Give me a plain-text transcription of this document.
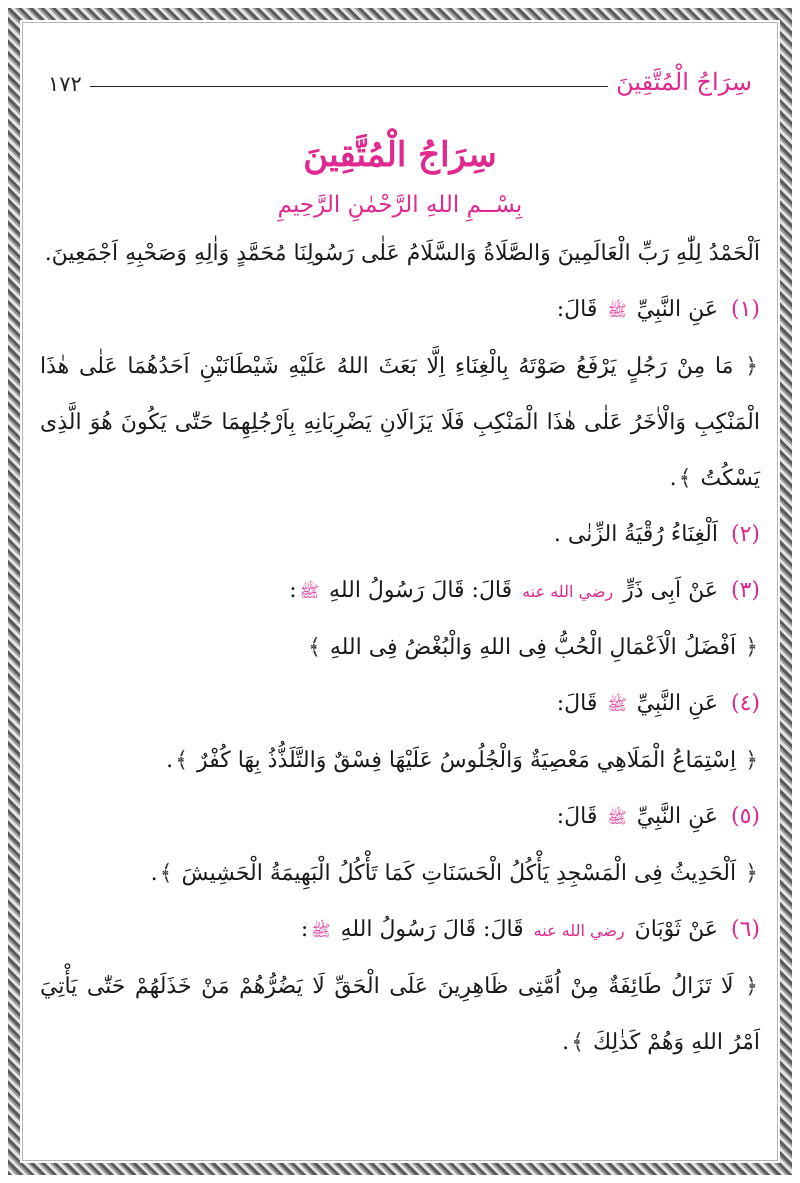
سِرَاجُ الْمُتَّقِينَ
١٧٢
سِرَاجُ الْمُتَّقِينَ
بِسْــمِ اللهِ الرَّحْمٰنِ الرَّحِيمِ
اَلْحَمْدُ لِلّٰهِ رَبِّ الْعَالَمِينَ وَالصَّلَاةُ وَالسَّلَامُ عَلٰى رَسُولِنَا مُحَمَّدٍ وَاٰلِهِ وَصَحْبِهِ اَجْمَعِينَ.
(١) عَنِ النَّبِيِّ ﷺ قَالَ:
﴿ مَا مِنْ رَجُلٍ يَرْفَعُ صَوْتَهُ بِالْغِنَاءِ اِلَّا بَعَثَ اللهُ عَلَيْهِ شَيْطَانَيْنِ اَحَدُهُمَا عَلٰى هٰذَا الْمَنْكِبِ وَالْاٰخَرُ عَلٰى هٰذَا الْمَنْكِبِ فَلَا يَزَالَانِ يَضْرِبَانِهِ بِاَرْجُلِهِمَا حَتّٰى يَكُونَ هُوَ الَّذِى يَسْكُتُ ﴾.
(٢) اَلْغِنَاءُ رُقْيَةُ الزِّنٰى .
(٣) عَنْ اَبِى ذَرٍّ رضي الله عنه قَالَ: قَالَ رَسُولُ اللهِ ﷺ:
﴿ اَفْضَلُ الْاَعْمَالِ الْحُبُّ فِى اللهِ وَالْبُغْضُ فِى اللهِ ﴾
(٤) عَنِ النَّبِيِّ ﷺ قَالَ:
﴿ اِسْتِمَاعُ الْمَلَاهِي مَعْصِيَةٌ وَالْجُلُوسُ عَلَيْهَا فِسْقٌ وَالتَّلَذُّذُ بِهَا كُفْرٌ ﴾.
(٥) عَنِ النَّبِيِّ ﷺ قَالَ:
﴿ اَلْحَدِيثُ فِى الْمَسْجِدِ يَأْكُلُ الْحَسَنَاتِ كَمَا تَأْكُلُ الْبَهِيمَةُ الْحَشِيشَ ﴾.
(٦) عَنْ ثَوْبَانَ رضي الله عنه قَالَ: قَالَ رَسُولُ اللهِ ﷺ:
﴿ لَا تَزَالُ طَائِفَةٌ مِنْ اُمَّتِى ظَاهِرِينَ عَلَى الْحَقِّ لَا يَضُرُّهُمْ مَنْ خَذَلَهُمْ حَتّٰى يَأْتِيَ اَمْرُ اللهِ وَهُمْ كَذٰلِكَ ﴾.
